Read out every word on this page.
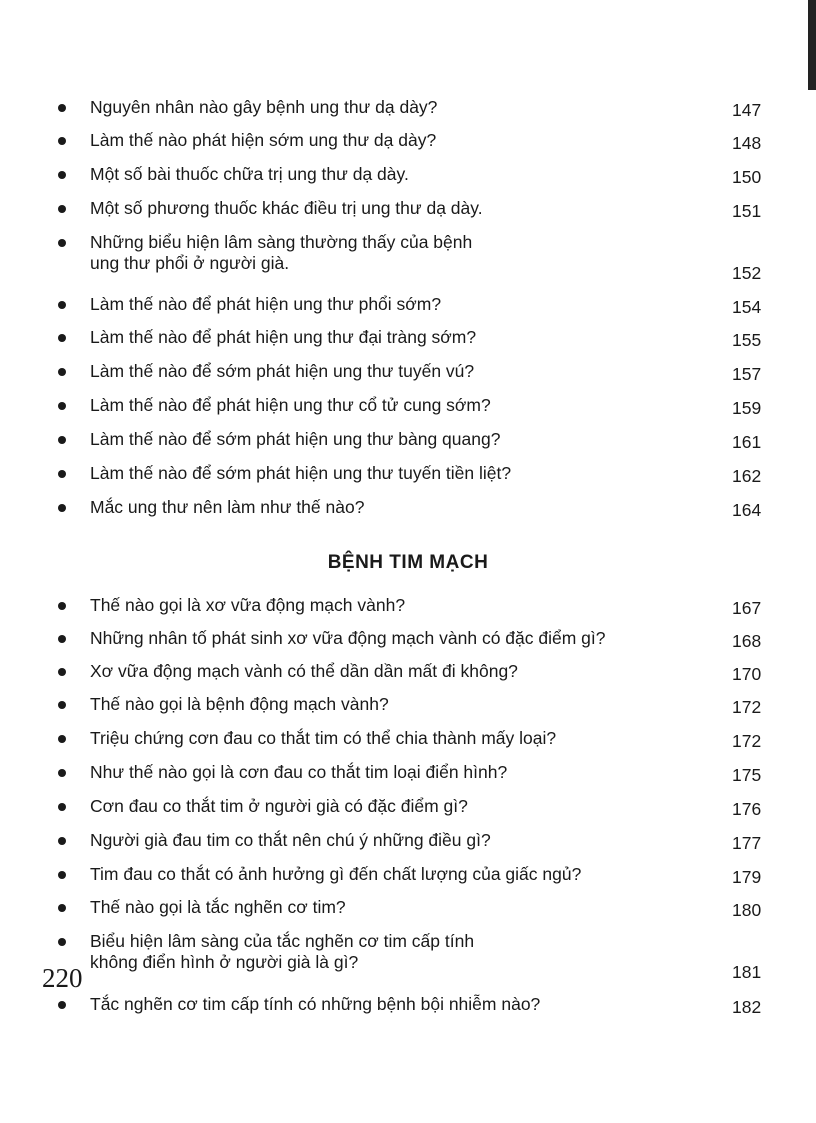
Nguyên nhân nào gây bệnh ung thư dạ dày?	147
Làm thế nào phát hiện sớm ung thư dạ dày?	148
Một số bài thuốc chữa trị ung thư dạ dày.	150
Một số phương thuốc khác điều trị ung thư dạ dày.	151
Những biểu hiện lâm sàng thường thấy của bệnh
ung thư phổi ở người già.	152
Làm thế nào để phát hiện ung thư phổi sớm?	154
Làm thế nào để phát hiện ung thư đại tràng sớm?	155
Làm thế nào để sớm phát hiện ung thư tuyến vú?	157
Làm thế nào để phát hiện ung thư cổ tử cung sớm?	159
Làm thế nào để sớm phát hiện ung thư bàng quang?	161
Làm thế nào để sớm phát hiện ung thư tuyến tiền liệt?	162
Mắc ung thư nên làm như thế nào?	164
BỆNH TIM MẠCH
Thế nào gọi là xơ vữa động mạch vành?	167
Những nhân tố phát sinh xơ vữa động mạch vành có đặc điểm gì?	168
Xơ vữa động mạch vành có thể dần dần mất đi không?	170
Thế nào gọi là bệnh động mạch vành?	172
Triệu chứng cơn đau co thắt tim có thể chia thành mấy loại?	172
Như thế nào gọi là cơn đau co thắt tim loại điển hình?	175
Cơn đau co thắt tim ở người già có đặc điểm gì?	176
Người già đau tim co thắt nên chú ý những điều gì?	177
Tim đau co thắt có ảnh hưởng gì đến chất lượng của giấc ngủ?	179
Thế nào gọi là tắc nghẽn cơ tim?	180
Biểu hiện lâm sàng của tắc nghẽn cơ tim cấp tính
không điển hình ở người già là gì?	181
Tắc nghẽn cơ tim cấp tính có những bệnh bội nhiễm nào?	182
220
